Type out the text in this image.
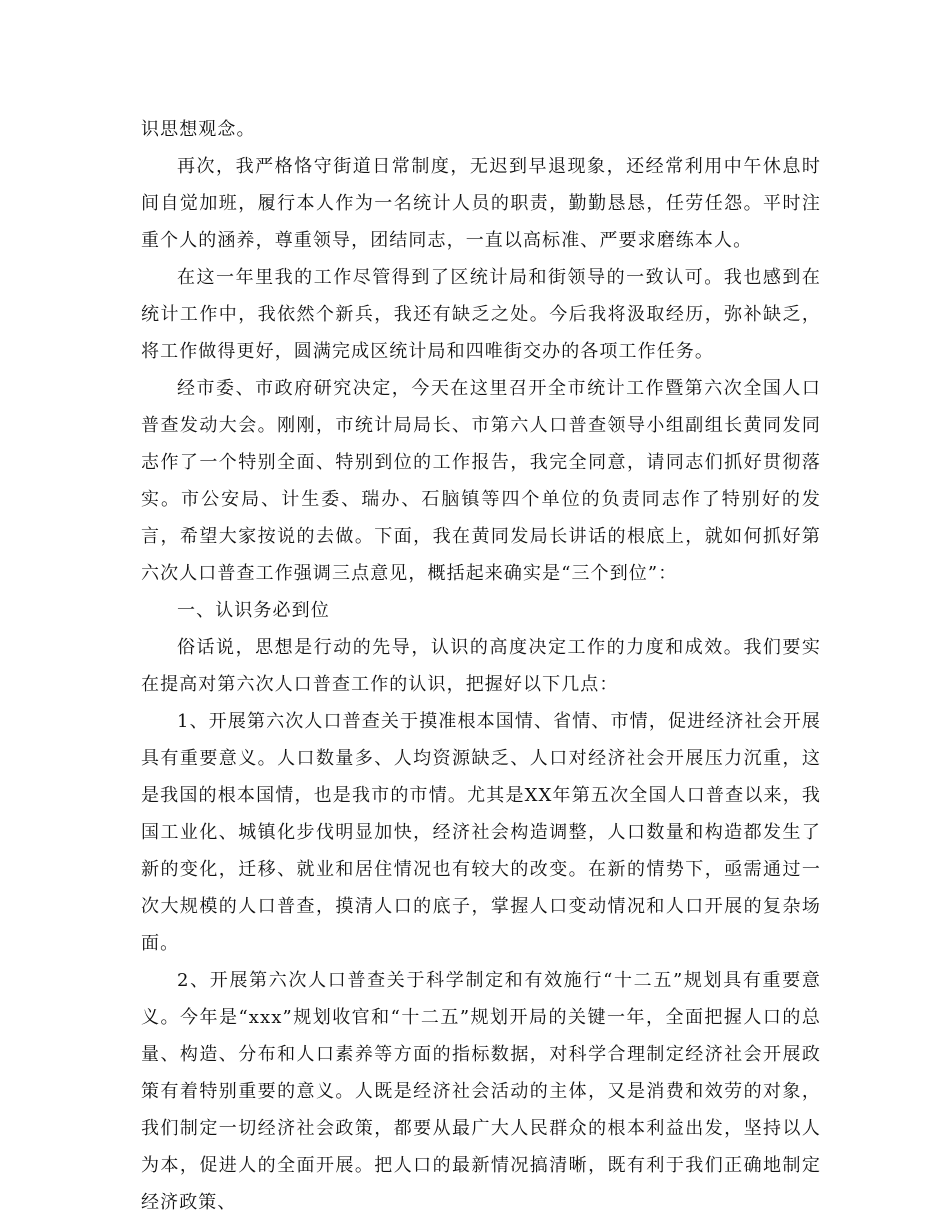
识思想观念。

再次，我严格恪守街道日常制度，无迟到早退现象，还经常利用中午休息时间自觉加班，履行本人作为一名统计人员的职责，勤勤恳恳，任劳任怨。平时注重个人的涵养，尊重领导，团结同志，一直以高标准、严要求磨练本人。

在这一年里我的工作尽管得到了区统计局和街领导的一致认可。我也感到在统计工作中，我依然个新兵，我还有缺乏之处。今后我将汲取经历，弥补缺乏，将工作做得更好，圆满完成区统计局和四唯街交办的各项工作任务。

经市委、市政府研究决定，今天在这里召开全市统计工作暨第六次全国人口普查发动大会。刚刚，市统计局局长、市第六人口普查领导小组副组长黄同发同志作了一个特别全面、特别到位的工作报告，我完全同意，请同志们抓好贯彻落实。市公安局、计生委、瑞办、石脑镇等四个单位的负责同志作了特别好的发言，希望大家按说的去做。下面，我在黄同发局长讲话的根底上，就如何抓好第六次人口普查工作强调三点意见，概括起来确实是“三个到位”：

一、认识务必到位

俗话说，思想是行动的先导，认识的高度决定工作的力度和成效。我们要实在提高对第六次人口普查工作的认识，把握好以下几点：

1、开展第六次人口普查关于摸准根本国情、省情、市情，促进经济社会开展具有重要意义。人口数量多、人均资源缺乏、人口对经济社会开展压力沉重，这是我国的根本国情，也是我市的市情。尤其是XX年第五次全国人口普查以来，我国工业化、城镇化步伐明显加快，经济社会构造调整，人口数量和构造都发生了新的变化，迁移、就业和居住情况也有较大的改变。在新的情势下，亟需通过一次大规模的人口普查，摸清人口的底子，掌握人口变动情况和人口开展的复杂场面。

2、开展第六次人口普查关于科学制定和有效施行“十二五”规划具有重要意义。今年是“xxx”规划收官和“十二五”规划开局的关键一年，全面把握人口的总量、构造、分布和人口素养等方面的指标数据，对科学合理制定经济社会开展政策有着特别重要的意义。人既是经济社会活动的主体，又是消费和效劳的对象，我们制定一切经济社会政策，都要从最广大人民群众的根本利益出发，坚持以人为本，促进人的全面开展。把人口的最新情况搞清晰，既有利于我们正确地制定经济政策、
